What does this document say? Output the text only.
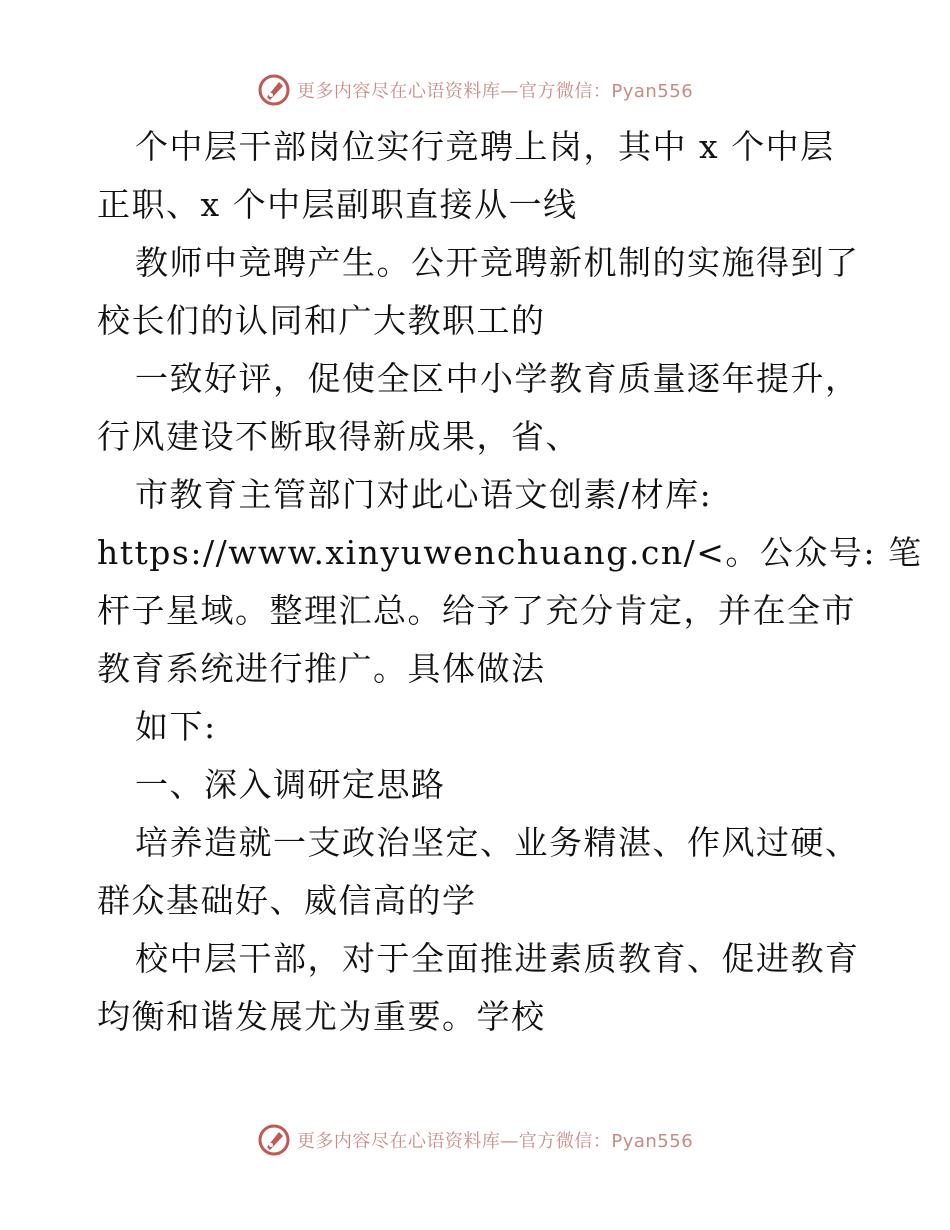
更多内容尽在心语资料库—官方微信：Pyan556
个中层干部岗位实行竞聘上岗，其中 x 个中层
正职、x 个中层副职直接从一线
教师中竞聘产生。公开竞聘新机制的实施得到了
校长们的认同和广大教职工的
一致好评，促使全区中小学教育质量逐年提升，
行风建设不断取得新成果，省、
市教育主管部门对此心语文创素/材库:
https://www.xinyuwenchuang.cn/<。公众号: 笔
杆子星域。整理汇总。给予了充分肯定，并在全市
教育系统进行推广。具体做法
如下:
一、深入调研定思路
培养造就一支政治坚定、业务精湛、作风过硬、
群众基础好、威信高的学
校中层干部，对于全面推进素质教育、促进教育
均衡和谐发展尤为重要。学校
更多内容尽在心语资料库—官方微信：Pyan556
